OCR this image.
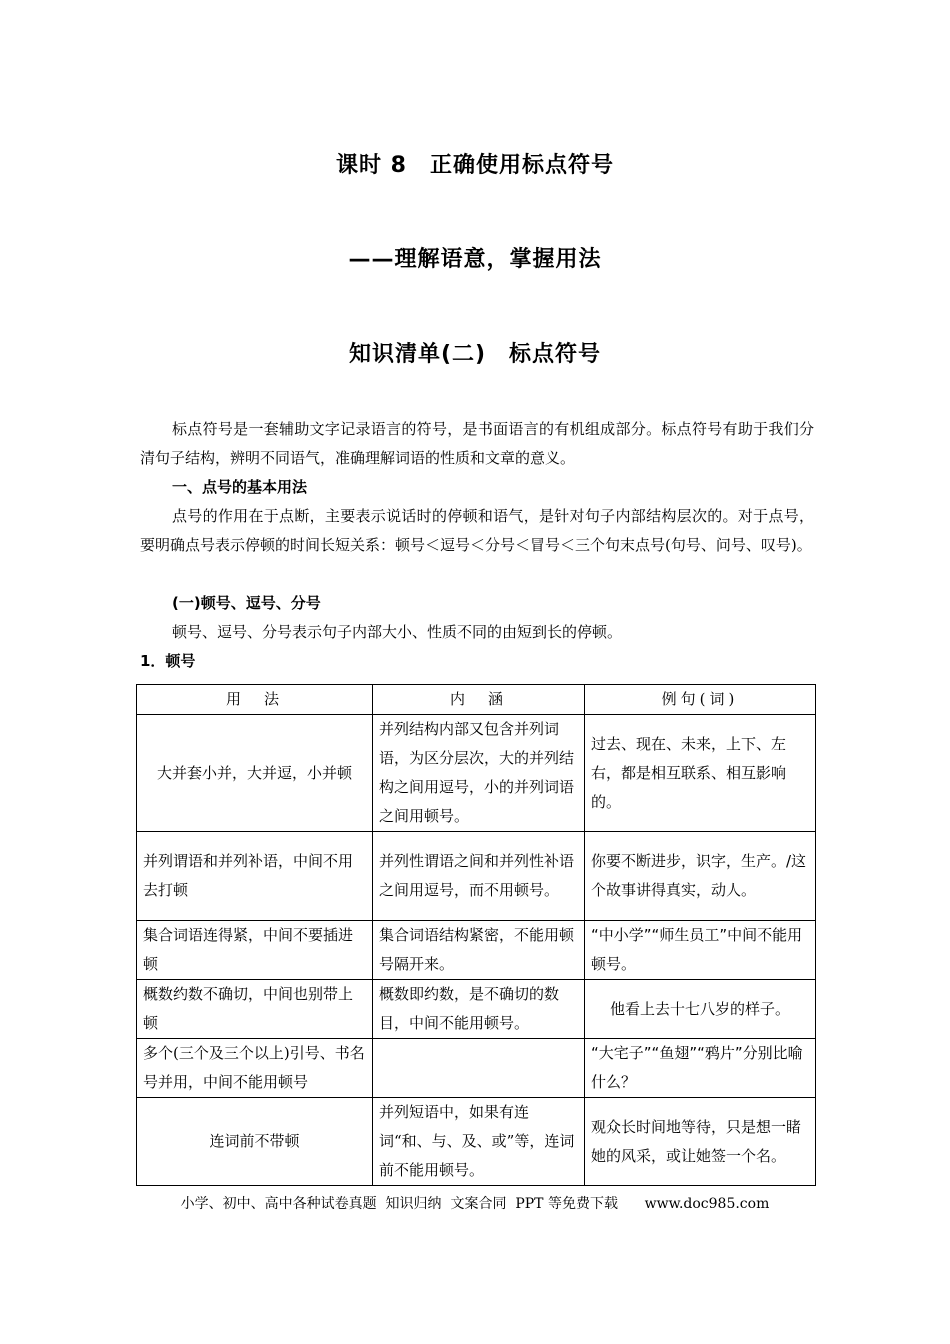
课时 8　正确使用标点符号
——理解语意，掌握用法
知识清单(二)　标点符号
标点符号是一套辅助文字记录语言的符号，是书面语言的有机组成部分。标点符号有助于我们分清句子结构，辨明不同语气，准确理解词语的性质和文章的意义。
一、点号的基本用法
点号的作用在于点断，主要表示说话时的停顿和语气，是针对句子内部结构层次的。对于点号，要明确点号表示停顿的时间长短关系：顿号＜逗号＜分号＜冒号＜三个句末点号(句号、问号、叹号)。
(一)顿号、逗号、分号
顿号、逗号、分号表示句子内部大小、性质不同的由短到长的停顿。
1．顿号
用　法	内　涵	例句(词)
大并套小并，大并逗，小并顿	并列结构内部又包含并列词语，为区分层次，大的并列结构之间用逗号，小的并列词语之间用顿号。	过去、现在、未来，上下、左右，都是相互联系、相互影响的。
并列谓语和并列补语，中间不用去打顿	并列性谓语之间和并列性补语之间用逗号，而不用顿号。	你要不断进步，识字，生产。/这个故事讲得真实，动人。
集合词语连得紧，中间不要插进顿	集合词语结构紧密，不能用顿号隔开来。	“中小学”“师生员工”中间不能用顿号。
概数约数不确切，中间也别带上顿	概数即约数，是不确切的数目，中间不能用顿号。	他看上去十七八岁的样子。
多个(三个及三个以上)引号、书名号并用，中间不能用顿号		“大宅子”“鱼翅”“鸦片”分别比喻什么？
连词前不带顿	并列短语中，如果有连词“和、与、及、或”等，连词前不能用顿号。	观众长时间地等待，只是想一睹她的风采，或让她签一个名。
小学、初中、高中各种试卷真题  知识归纳  文案合同  PPT 等免费下载      www.doc985.com
